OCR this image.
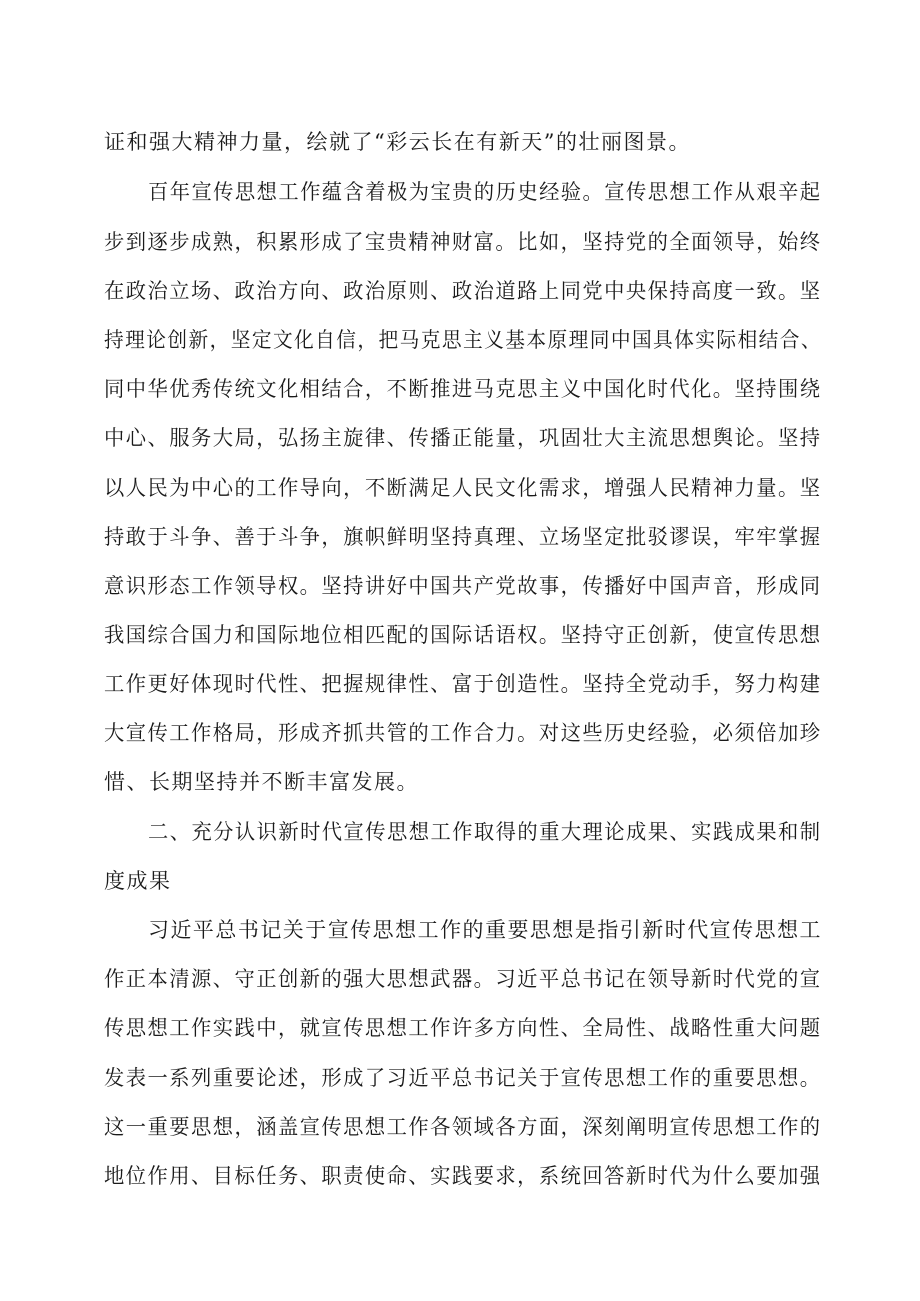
证和强大精神力量，绘就了“彩云长在有新天”的壮丽图景。
百年宣传思想工作蕴含着极为宝贵的历史经验。宣传思想工作从艰辛起
步到逐步成熟，积累形成了宝贵精神财富。比如，坚持党的全面领导，始终
在政治立场、政治方向、政治原则、政治道路上同党中央保持高度一致。坚
持理论创新，坚定文化自信，把马克思主义基本原理同中国具体实际相结合、
同中华优秀传统文化相结合，不断推进马克思主义中国化时代化。坚持围绕
中心、服务大局，弘扬主旋律、传播正能量，巩固壮大主流思想舆论。坚持
以人民为中心的工作导向，不断满足人民文化需求，增强人民精神力量。坚
持敢于斗争、善于斗争，旗帜鲜明坚持真理、立场坚定批驳谬误，牢牢掌握
意识形态工作领导权。坚持讲好中国共产党故事，传播好中国声音，形成同
我国综合国力和国际地位相匹配的国际话语权。坚持守正创新，使宣传思想
工作更好体现时代性、把握规律性、富于创造性。坚持全党动手，努力构建
大宣传工作格局，形成齐抓共管的工作合力。对这些历史经验，必须倍加珍
惜、长期坚持并不断丰富发展。
二、充分认识新时代宣传思想工作取得的重大理论成果、实践成果和制
度成果
习近平总书记关于宣传思想工作的重要思想是指引新时代宣传思想工
作正本清源、守正创新的强大思想武器。习近平总书记在领导新时代党的宣
传思想工作实践中，就宣传思想工作许多方向性、全局性、战略性重大问题
发表一系列重要论述，形成了习近平总书记关于宣传思想工作的重要思想。
这一重要思想，涵盖宣传思想工作各领域各方面，深刻阐明宣传思想工作的
地位作用、目标任务、职责使命、实践要求，系统回答新时代为什么要加强
